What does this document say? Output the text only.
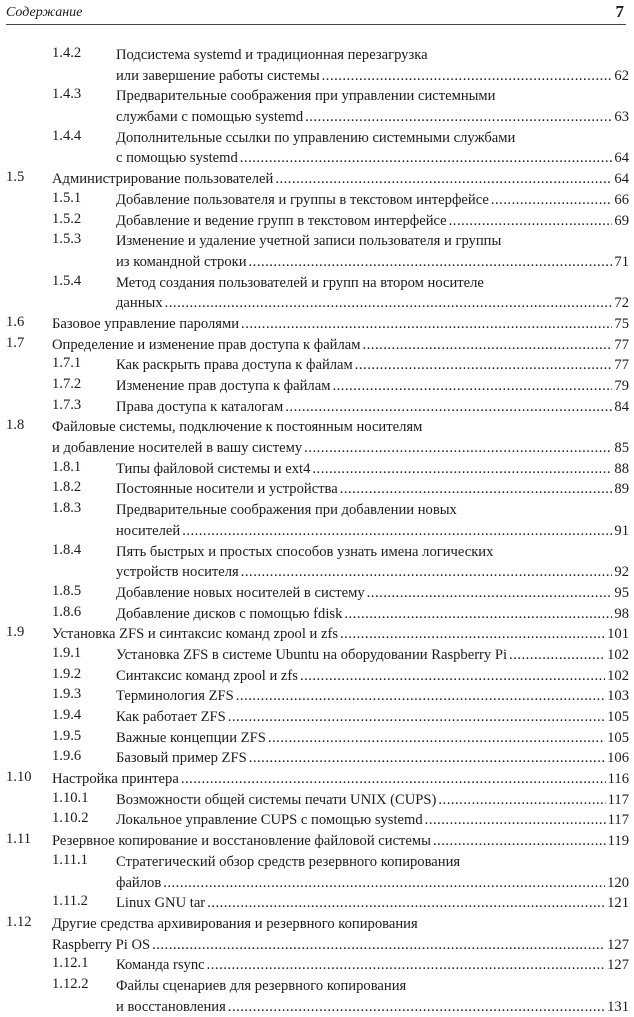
Содержание	7
1.4.2 Подсистема systemd и традиционная перезагрузка
или завершение работы системы .....	62
1.4.3 Предварительные соображения при управлении системными
службами с помощью systemd .....	63
1.4.4 Дополнительные ссылки по управлению системными службами
с помощью systemd .....	64
1.5 Администрирование пользователей .....	64
1.5.1 Добавление пользователя и группы в текстовом интерфейсе .....	66
1.5.2 Добавление и ведение групп в текстовом интерфейсе .....	69
1.5.3 Изменение и удаление учетной записи пользователя и группы
из командной строки .....	71
1.5.4 Метод создания пользователей и групп на втором носителе
данных .....	72
1.6 Базовое управление паролями .....	75
1.7 Определение и изменение прав доступа к файлам .....	77
1.7.1 Как раскрыть права доступа к файлам .....	77
1.7.2 Изменение прав доступа к файлам .....	79
1.7.3 Права доступа к каталогам .....	84
1.8 Файловые системы, подключение к постоянным носителям
и добавление носителей в вашу систему .....	85
1.8.1 Типы файловой системы и ext4 .....	88
1.8.2 Постоянные носители и устройства .....	89
1.8.3 Предварительные соображения при добавлении новых
носителей .....	91
1.8.4 Пять быстрых и простых способов узнать имена логических
устройств носителя .....	92
1.8.5 Добавление новых носителей в систему .....	95
1.8.6 Добавление дисков с помощью fdisk .....	98
1.9 Установка ZFS и синтаксис команд zpool и zfs .....	101
1.9.1 Установка ZFS в системе Ubuntu на оборудовании Raspberry Pi .....	102
1.9.2 Синтаксис команд zpool и zfs .....	102
1.9.3 Терминология ZFS .....	103
1.9.4 Как работает ZFS .....	105
1.9.5 Важные концепции ZFS .....	105
1.9.6 Базовый пример ZFS .....	106
1.10 Настройка принтера .....	116
1.10.1 Возможности общей системы печати UNIX (CUPS) .....	117
1.10.2 Локальное управление CUPS с помощью systemd .....	117
1.11 Резервное копирование и восстановление файловой системы .....	119
1.11.1 Стратегический обзор средств резервного копирования
файлов .....	120
1.11.2 Linux GNU tar .....	121
1.12 Другие средства архивирования и резервного копирования
Raspberry Pi OS .....	127
1.12.1 Команда rsync .....	127
1.12.2 Файлы сценариев для резервного копирования
и восстановления .....	131
